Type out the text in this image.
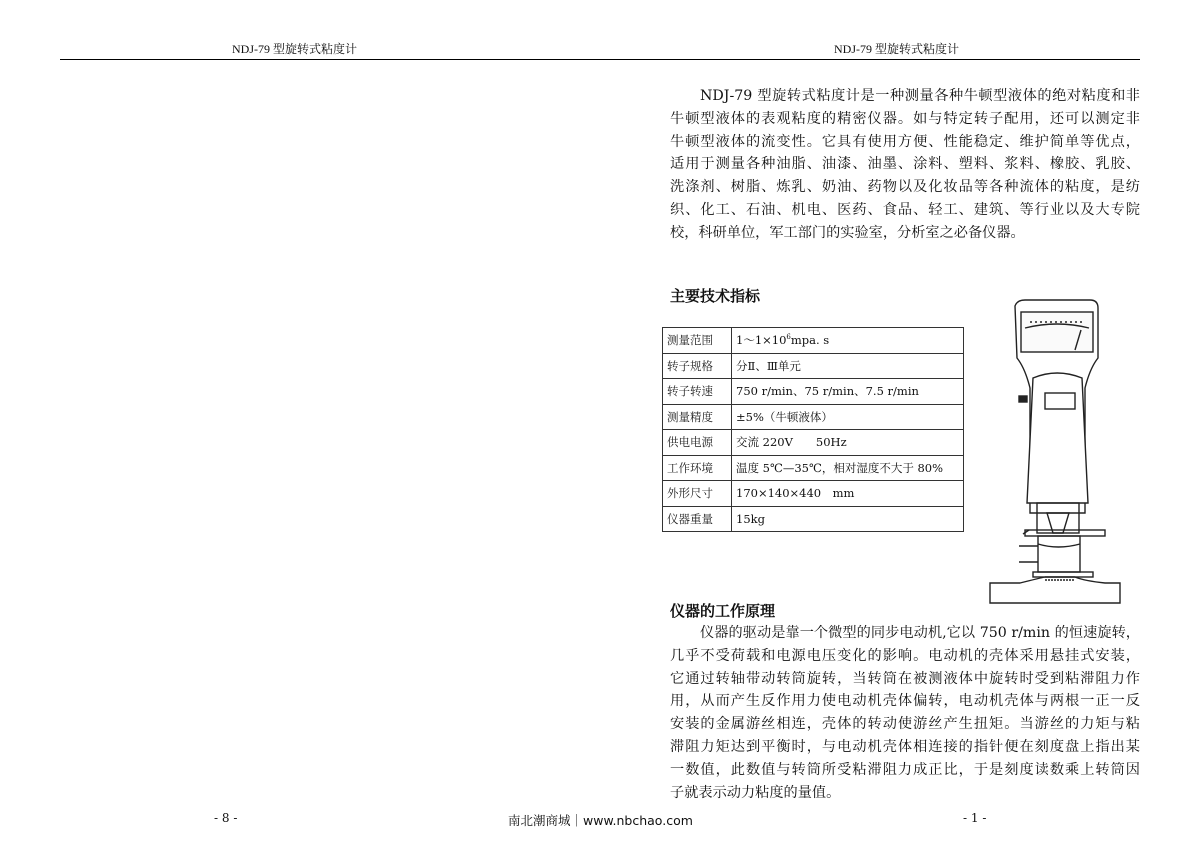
NDJ-79 型旋转式粘度计	NDJ-79 型旋转式粘度计
NDJ-79 型旋转式粘度计是一种测量各种牛顿型液体的绝对粘度和非
牛顿型液体的表观粘度的精密仪器。如与特定转子配用，还可以测定非
牛顿型液体的流变性。它具有使用方便、性能稳定、维护简单等优点，
适用于测量各种油脂、油漆、油墨、涂料、塑料、浆料、橡胶、乳胶、
洗涤剂、树脂、炼乳、奶油、药物以及化妆品等各种流体的粘度，是纺
织、化工、石油、机电、医药、食品、轻工、建筑、等行业以及大专院
校，科研单位，军工部门的实验室，分析室之必备仪器。
主要技术指标
测量范围	$1\sim 1\times 10^6mpa$. s
转子规格	分Ⅱ、Ⅲ单元
转子转速	750 r/min、75 r/min、7.5 r/min
测量精度	±5%（牛顿液体）
供电电源	交流 220V　　50Hz
工作环境	温度 5℃—35℃，相对湿度不大于 80%
外形尺寸	170×140×440　mm
仪器重量	15kg
仪器的工作原理
仪器的驱动是靠一个微型的同步电动机,它以 750 r/min 的恒速旋转，
几乎不受荷载和电源电压变化的影响。电动机的壳体采用悬挂式安装，
它通过转轴带动转筒旋转，当转筒在被测液体中旋转时受到粘滞阻力作
用，从而产生反作用力使电动机壳体偏转，电动机壳体与两根一正一反
安装的金属游丝相连，壳体的转动使游丝产生扭矩。当游丝的力矩与粘
滞阻力矩达到平衡时，与电动机壳体相连接的指针便在刻度盘上指出某
一数值，此数值与转筒所受粘滞阻力成正比，于是刻度读数乘上转筒因
子就表示动力粘度的量值。
- 8 -	南北潮商城｜www.nbchao.com	- 1 -
